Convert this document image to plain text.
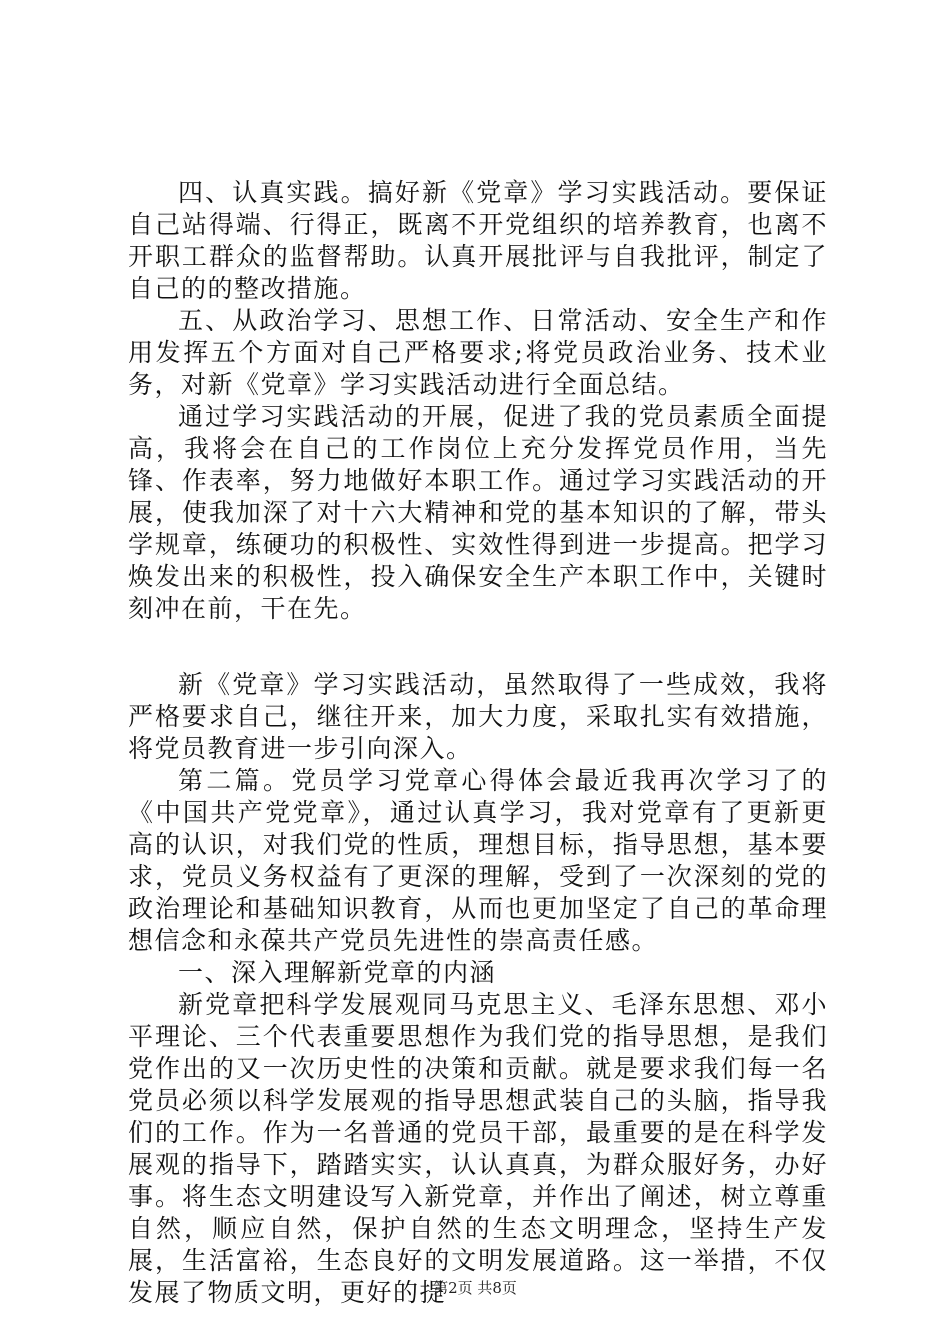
四、认真实践。搞好新《党章》学习实践活动。要保证自己站得端、行得正，既离不开党组织的培养教育，也离不开职工群众的监督帮助。认真开展批评与自我批评，制定了自己的的整改措施。

五、从政治学习、思想工作、日常活动、安全生产和作用发挥五个方面对自己严格要求;将党员政治业务、技术业务，对新《党章》学习实践活动进行全面总结。

通过学习实践活动的开展，促进了我的党员素质全面提高，我将会在自己的工作岗位上充分发挥党员作用，当先锋、作表率，努力地做好本职工作。通过学习实践活动的开展，使我加深了对十六大精神和党的基本知识的了解，带头学规章，练硬功的积极性、实效性得到进一步提高。把学习焕发出来的积极性，投入确保安全生产本职工作中，关键时刻冲在前，干在先。

新《党章》学习实践活动，虽然取得了一些成效，我将严格要求自己，继往开来，加大力度，采取扎实有效措施，将党员教育进一步引向深入。

第二篇。党员学习党章心得体会最近我再次学习了的《中国共产党党章》，通过认真学习，我对党章有了更新更高的认识，对我们党的性质，理想目标，指导思想，基本要求，党员义务权益有了更深的理解，受到了一次深刻的党的政治理论和基础知识教育，从而也更加坚定了自己的革命理想信念和永葆共产党员先进性的崇高责任感。

一、深入理解新党章的内涵

新党章把科学发展观同马克思主义、毛泽东思想、邓小平理论、三个代表重要思想作为我们党的指导思想，是我们党作出的又一次历史性的决策和贡献。就是要求我们每一名党员必须以科学发展观的指导思想武装自己的头脑，指导我们的工作。作为一名普通的党员干部，最重要的是在科学发展观的指导下，踏踏实实，认认真真，为群众服好务，办好事。将生态文明建设写入新党章，并作出了阐述，树立尊重自然，顺应自然，保护自然的生态文明理念，坚持生产发展，生活富裕，生态良好的文明发展道路。这一举措，不仅发展了物质文明，更好的提

第2页 共8页
